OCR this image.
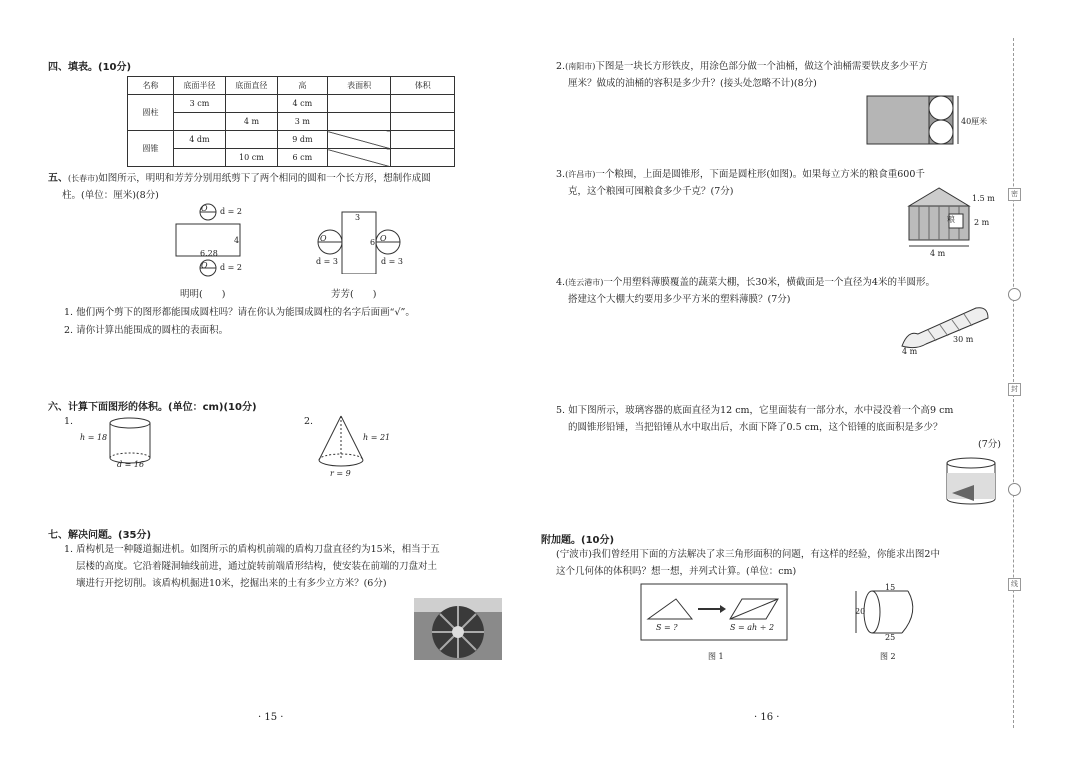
四、填表。(10分)
名称	底面半径	底面直径	高	表面积	体积
圆柱	3 cm		4 cm		
		4 m	3 m		
圆锥	4 dm		9 dm		
		10 cm	6 cm		
五、(长春市)如图所示，明明和芳芳分别用纸剪下了两个相同的圆和一个长方形，想制作成圆
柱。(单位：厘米)(8分)
O d = 2
4
6.28
O d = 2
明明(　　)
3
6
O	O
d = 3	d = 3
芳芳(　　)
1. 他们两个剪下的图形都能围成圆柱吗？请在你认为能围成圆柱的名字后面画“√”。
2. 请你计算出能围成的圆柱的表面积。
六、计算下面图形的体积。(单位：cm)(10分)
1.
h = 18
d = 16
2.
h = 21
r = 9
七、解决问题。(35分)
1. 盾构机是一种隧道掘进机。如图所示的盾构机前端的盾构刀盘直径约为15米，相当于五
层楼的高度。它沿着隧洞轴线前进，通过旋转前端盾形结构，使安装在前端的刀盘对土
壤进行开挖切削。该盾构机掘进10米，挖掘出来的土有多少立方米？(6分)
· 15 ·
2.(南阳市)下图是一块长方形铁皮，用涂色部分做一个油桶，做这个油桶需要铁皮多少平方
厘米？做成的油桶的容积是多少升？(接头处忽略不计)(8分)
40厘米
3.(许昌市)一个粮囤，上面是圆锥形，下面是圆柱形(如图)。如果每立方米的粮食重600千
克，这个粮囤可囤粮食多少千克？(7分)
粮
1.5 m
2 m
4 m
4.(连云港市)一个用塑料薄膜覆盖的蔬菜大棚，长30米，横截面是一个直径为4米的半圆形。
搭建这个大棚大约要用多少平方米的塑料薄膜？(7分)
30 m
4 m
5. 如下图所示，玻璃容器的底面直径为12 cm，它里面装有一部分水，水中浸没着一个高9 cm
的圆锥形铅锤，当把铅锤从水中取出后，水面下降了0.5 cm，这个铅锤的底面积是多少？

(7分)
附加题。(10分)
(宁波市)我们曾经用下面的方法解决了求三角形面积的问题，有这样的经验，你能求出图2中
这个几何体的体积吗？想一想，并列式计算。(单位：cm)
S = ?	S = ah ÷ 2
图 1
15
20
25
图 2
· 16 ·
密
封
线
